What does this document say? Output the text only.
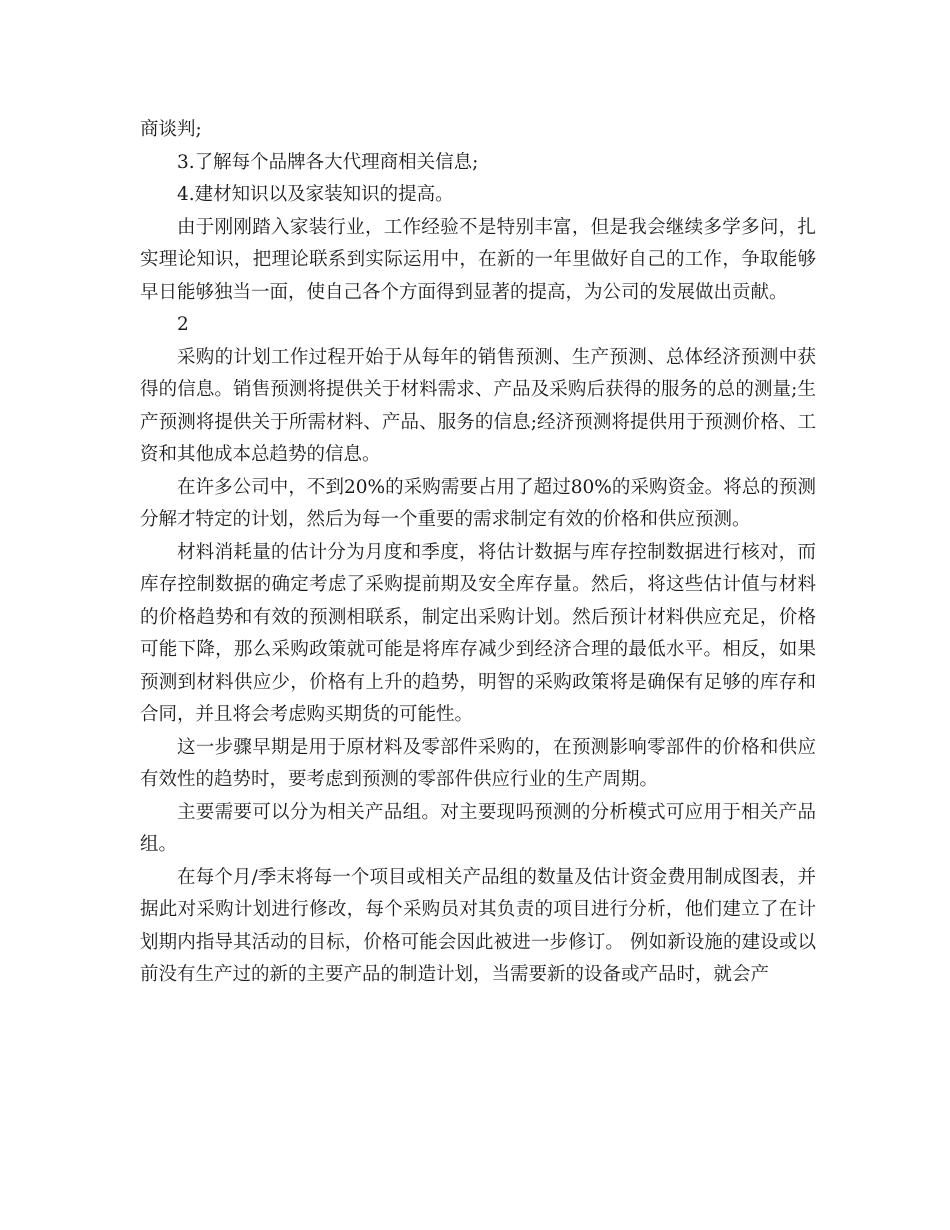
商谈判;

3.了解每个品牌各大代理商相关信息;

4.建材知识以及家装知识的提高。

由于刚刚踏入家装行业，工作经验不是特别丰富，但是我会继续多学多问，扎实理论知识，把理论联系到实际运用中，在新的一年里做好自己的工作，争取能够早日能够独当一面，使自己各个方面得到显著的提高，为公司的发展做出贡献。

2

采购的计划工作过程开始于从每年的销售预测、生产预测、总体经济预测中获得的信息。销售预测将提供关于材料需求、产品及采购后获得的服务的总的测量;生产预测将提供关于所需材料、产品、服务的信息;经济预测将提供用于预测价格、工资和其他成本总趋势的信息。

在许多公司中，不到20%的采购需要占用了超过80%的采购资金。将总的预测分解才特定的计划，然后为每一个重要的需求制定有效的价格和供应预测。

材料消耗量的估计分为月度和季度，将估计数据与库存控制数据进行核对，而库存控制数据的确定考虑了采购提前期及安全库存量。然后，将这些估计值与材料的价格趋势和有效的预测相联系，制定出采购计划。然后预计材料供应充足，价格可能下降，那么采购政策就可能是将库存减少到经济合理的最低水平。相反，如果预测到材料供应少，价格有上升的趋势，明智的采购政策将是确保有足够的库存和合同，并且将会考虑购买期货的可能性。

这一步骤早期是用于原材料及零部件采购的，在预测影响零部件的价格和供应有效性的趋势时，要考虑到预测的零部件供应行业的生产周期。

主要需要可以分为相关产品组。对主要现吗预测的分析模式可应用于相关产品组。

在每个月/季末将每一个项目或相关产品组的数量及估计资金费用制成图表，并据此对采购计划进行修改，每个采购员对其负责的项目进行分析，他们建立了在计划期内指导其活动的目标，价格可能会因此被进一步修订。 例如新设施的建设或以前没有生产过的新的主要产品的制造计划，当需要新的设备或产品时，就会产
